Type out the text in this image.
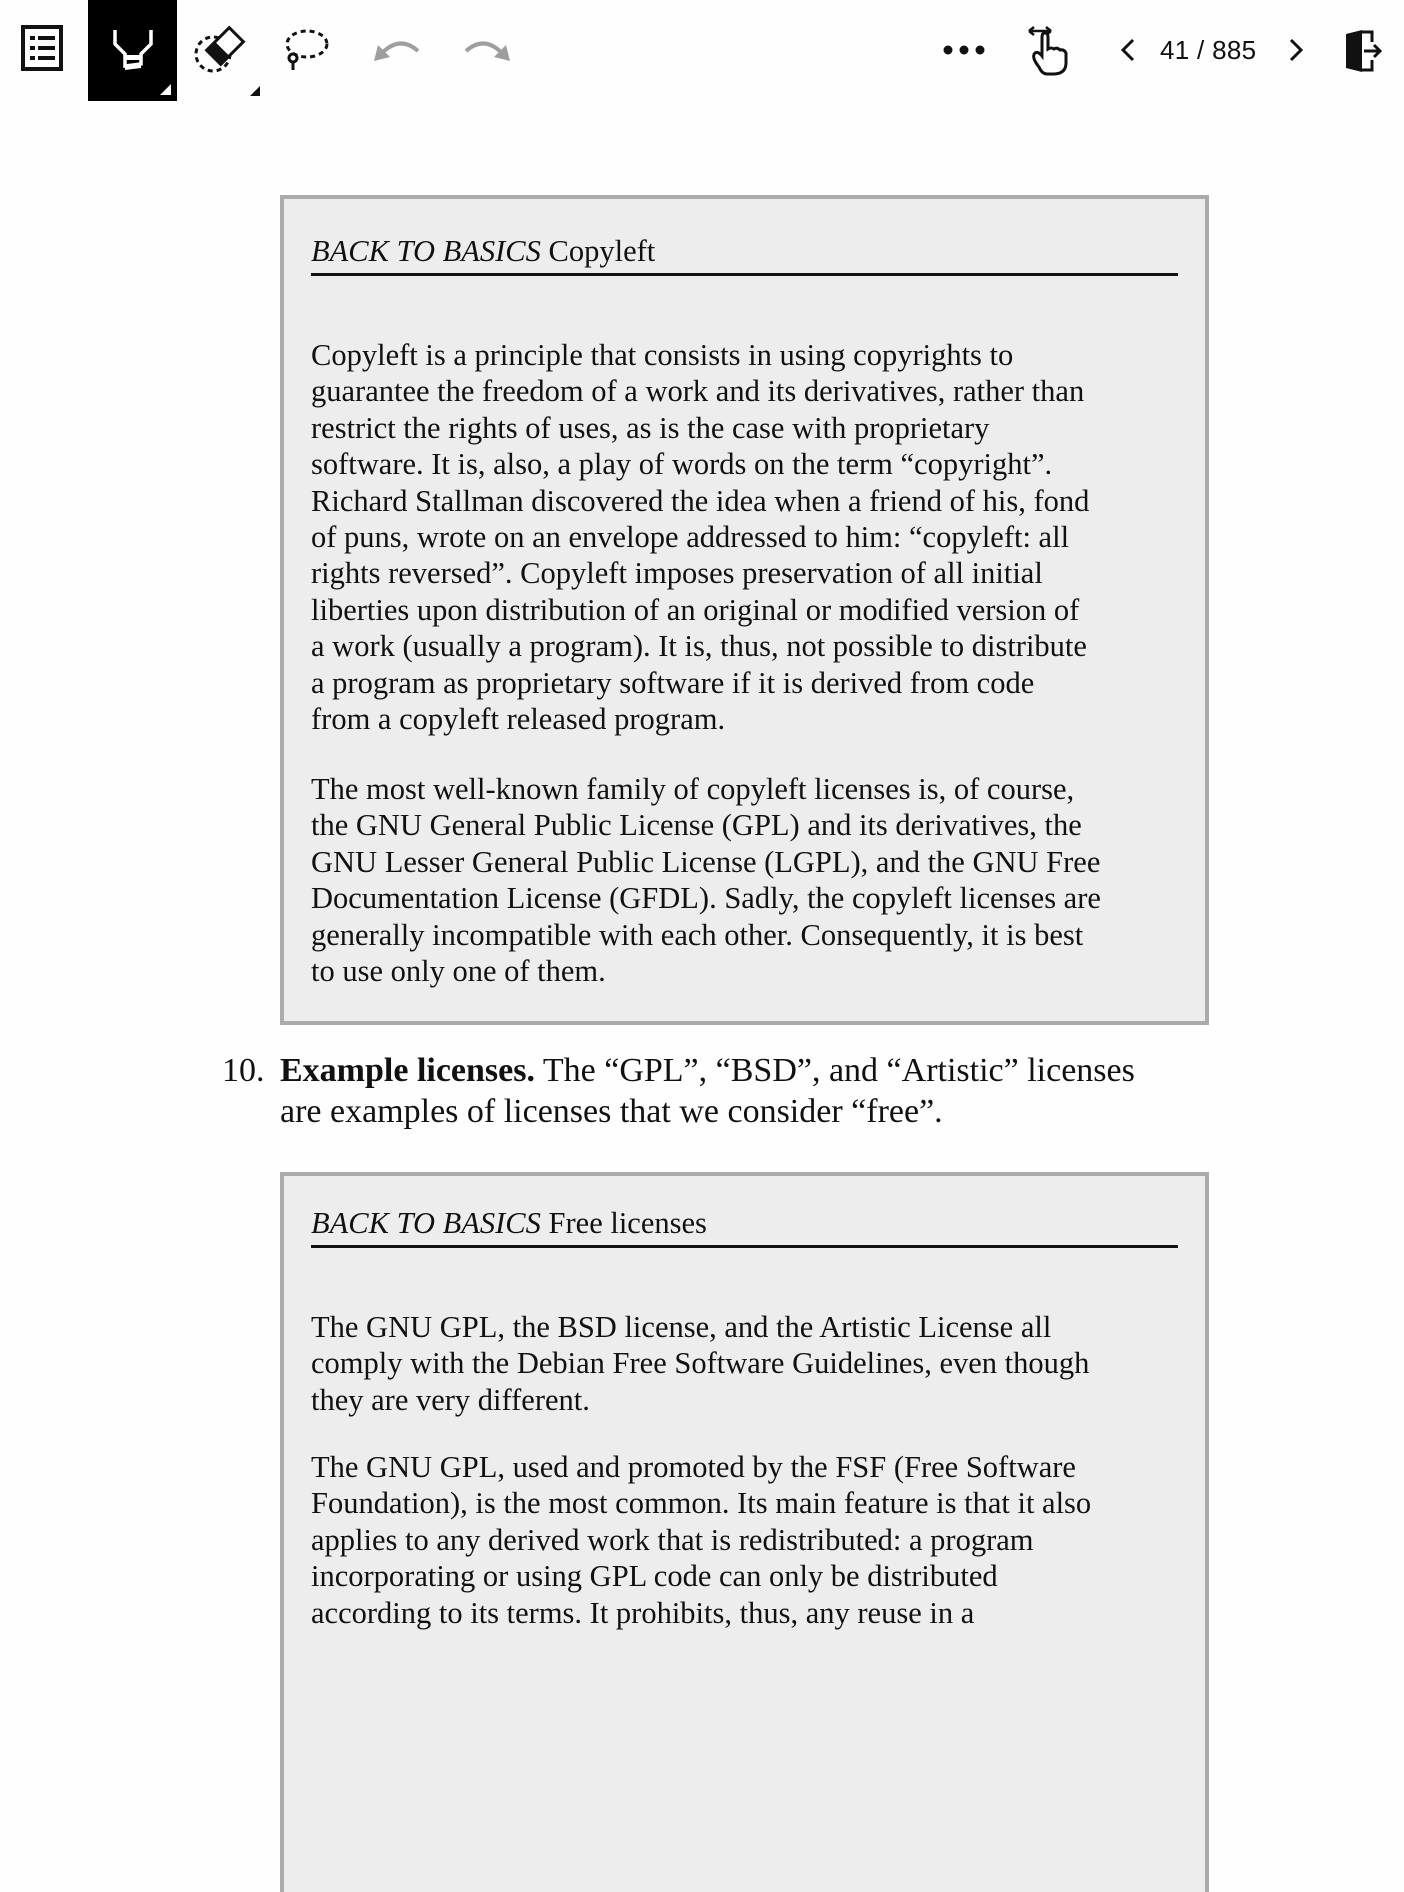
41 / 885
BACK TO BASICS Copyleft

Copyleft is a principle that consists in using copyrights to
guarantee the freedom of a work and its derivatives, rather than
restrict the rights of uses, as is the case with proprietary
software. It is, also, a play of words on the term “copyright”.
Richard Stallman discovered the idea when a friend of his, fond
of puns, wrote on an envelope addressed to him: “copyleft: all
rights reversed”. Copyleft imposes preservation of all initial
liberties upon distribution of an original or modified version of
a work (usually a program). It is, thus, not possible to distribute
a program as proprietary software if it is derived from code
from a copyleft released program.

The most well-known family of copyleft licenses is, of course,
the GNU General Public License (GPL) and its derivatives, the
GNU Lesser General Public License (LGPL), and the GNU Free
Documentation License (GFDL). Sadly, the copyleft licenses are
generally incompatible with each other. Consequently, it is best
to use only one of them.

10. Example licenses. The “GPL”, “BSD”, and “Artistic” licenses
are examples of licenses that we consider “free”.
BACK TO BASICS Free licenses

The GNU GPL, the BSD license, and the Artistic License all
comply with the Debian Free Software Guidelines, even though
they are very different.

The GNU GPL, used and promoted by the FSF (Free Software
Foundation), is the most common. Its main feature is that it also
applies to any derived work that is redistributed: a program
incorporating or using GPL code can only be distributed
according to its terms. It prohibits, thus, any reuse in a
